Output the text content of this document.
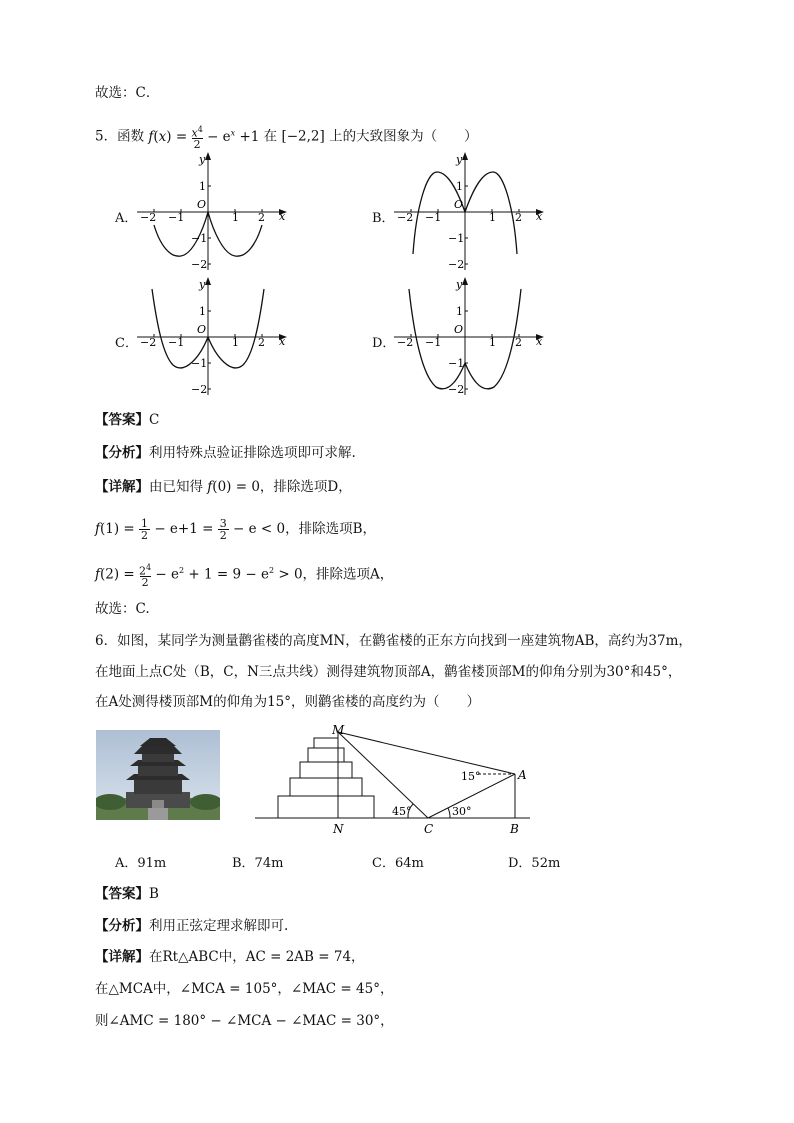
故选：C．
5．函数 $f(x) = x^4$
$2 - e^x +1$ 在 [−2,2] 上的大致图象为（　　）
A．	B．
C．	D．
−2 −1	1 2 x
y
O
1
−1
−2
−2 −1	1 2 x
y
O
1
−1
−2
−2 −1	1 2 x
y
O
1
−1
−2
−2 −1	1 2 x
y
O
1
−1
−2
【答案】C
【分析】利用特殊点验证排除选项即可求解.
【详解】由已知得 f(0) = 0，排除选项D，
f(1) = 1
2 − e+1 = 3
2 − e < 0，排除选项B，
$f(2) = 2^4$
$2 - e^2 + 1 = 9 - e^2 > 0$，排除选项A，
故选：C.
6．如图，某同学为测量鹳雀楼的高度MN，在鹳雀楼的正东方向找到一座建筑物AB，高约为37m，
在地面上点C处（B，C，N三点共线）测得建筑物顶部A，鹳雀楼顶部M的仰角分别为30°和45°，
在A处测得楼顶部M的仰角为15°，则鹳雀楼的高度约为（　　）
M
A
N	C	B
15°
45°	30°
A．91m	B．74m	C．64m	D．52m
【答案】B
【分析】利用正弦定理求解即可.
【详解】在Rt△ABC中，AC = 2AB = 74，
在△MCA中，∠MCA = 105°，∠MAC = 45°，
则∠AMC = 180° − ∠MCA − ∠MAC = 30°，
